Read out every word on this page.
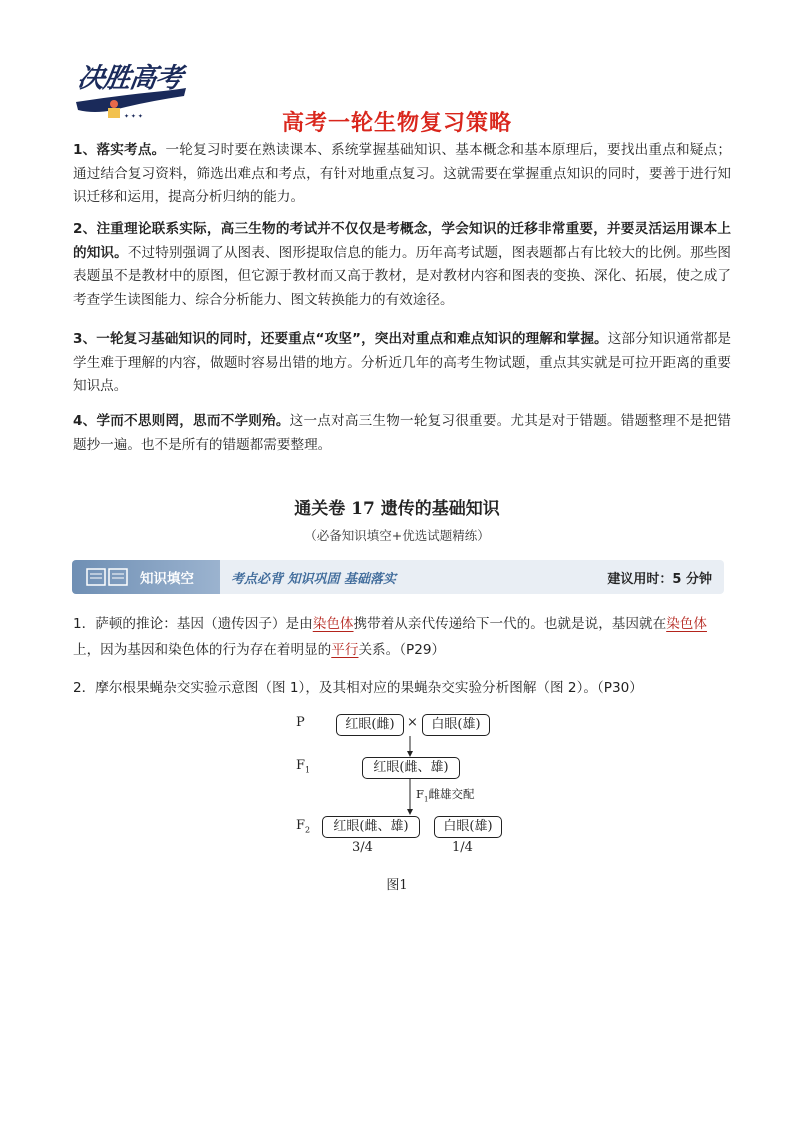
决胜高考
✦ ✦ ✦	高考一轮生物复习策略
1、落实考点。一轮复习时要在熟读课本、系统掌握基础知识、基本概念和基本原理后，要找出重点和疑点；通过结合复习资料，筛选出难点和考点，有针对地重点复习。这就需要在掌握重点知识的同时，要善于进行知识迁移和运用，提高分析归纳的能力。
2、注重理论联系实际，高三生物的考试并不仅仅是考概念，学会知识的迁移非常重要，并要灵活运用课本上的知识。不过特别强调了从图表、图形提取信息的能力。历年高考试题，图表题都占有比较大的比例。那些图表题虽不是教材中的原图，但它源于教材而又高于教材，是对教材内容和图表的变换、深化、拓展，使之成了考查学生读图能力、综合分析能力、图文转换能力的有效途径。
3、一轮复习基础知识的同时，还要重点“攻坚”，突出对重点和难点知识的理解和掌握。这部分知识通常都是学生难于理解的内容，做题时容易出错的地方。分析近几年的高考生物试题，重点其实就是可拉开距离的重要知识点。
4、学而不思则罔，思而不学则殆。这一点对高三生物一轮复习很重要。尤其是对于错题。错题整理不是把错题抄一遍。也不是所有的错题都需要整理。
通关卷 17 遗传的基础知识
（必备知识填空+优选试题精练）
知识填空	考点必背 知识巩固 基础落实	建议用时：5 分钟
1．萨顿的推论：基因（遗传因子）是由染色体携带着从亲代传递给下一代的。也就是说，基因就在染色体上，因为基因和染色体的行为存在着明显的平行关系。（P29）
2．摩尔根果蝇杂交实验示意图（图 1），及其相对应的果蝇杂交实验分析图解（图 2）。（P30）
P	红眼(雌) ×	白眼(雄)
$F_1$	红眼(雌、雄)
$F_1$雌雄交配
$F_2$	红眼(雌、雄)	白眼(雄)
3/4	1/4
图1
